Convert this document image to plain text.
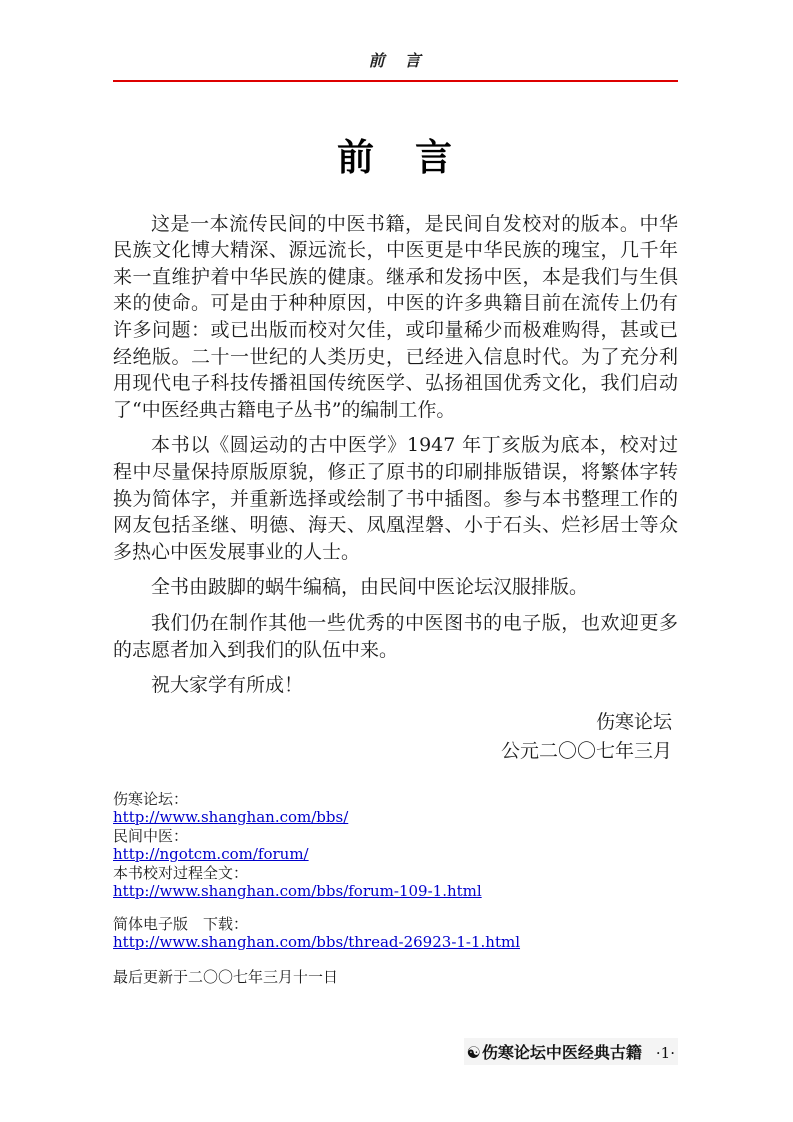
前　言
前　言

这是一本流传民间的中医书籍，是民间自发校对的版本。中华民族文化博大精深、源远流长，中医更是中华民族的瑰宝，几千年来一直维护着中华民族的健康。继承和发扬中医，本是我们与生俱来的使命。可是由于种种原因，中医的许多典籍目前在流传上仍有许多问题：或已出版而校对欠佳，或印量稀少而极难购得，甚或已经绝版。二十一世纪的人类历史，已经进入信息时代。为了充分利用现代电子科技传播祖国传统医学、弘扬祖国优秀文化，我们启动了“中医经典古籍电子丛书”的编制工作。

本书以《圆运动的古中医学》1947 年丁亥版为底本，校对过程中尽量保持原版原貌，修正了原书的印刷排版错误，将繁体字转换为简体字，并重新选择或绘制了书中插图。参与本书整理工作的网友包括圣继、明德、海天、凤凰涅磐、小于石头、烂衫居士等众多热心中医发展事业的人士。

全书由跛脚的蜗牛编稿，由民间中医论坛汉服排版。

我们仍在制作其他一些优秀的中医图书的电子版，也欢迎更多的志愿者加入到我们的队伍中来。

祝大家学有所成！

伤寒论坛
公元二〇〇七年三月
伤寒论坛：
http://www.shanghan.com/bbs/
民间中医：
http://ngotcm.com/forum/
本书校对过程全文：
http://www.shanghan.com/bbs/forum-109-1.html
简体电子版　下载：
http://www.shanghan.com/bbs/thread-26923-1-1.html
最后更新于二〇〇七年三月十一日
☯伤寒论坛中医经典古籍 ·1·
